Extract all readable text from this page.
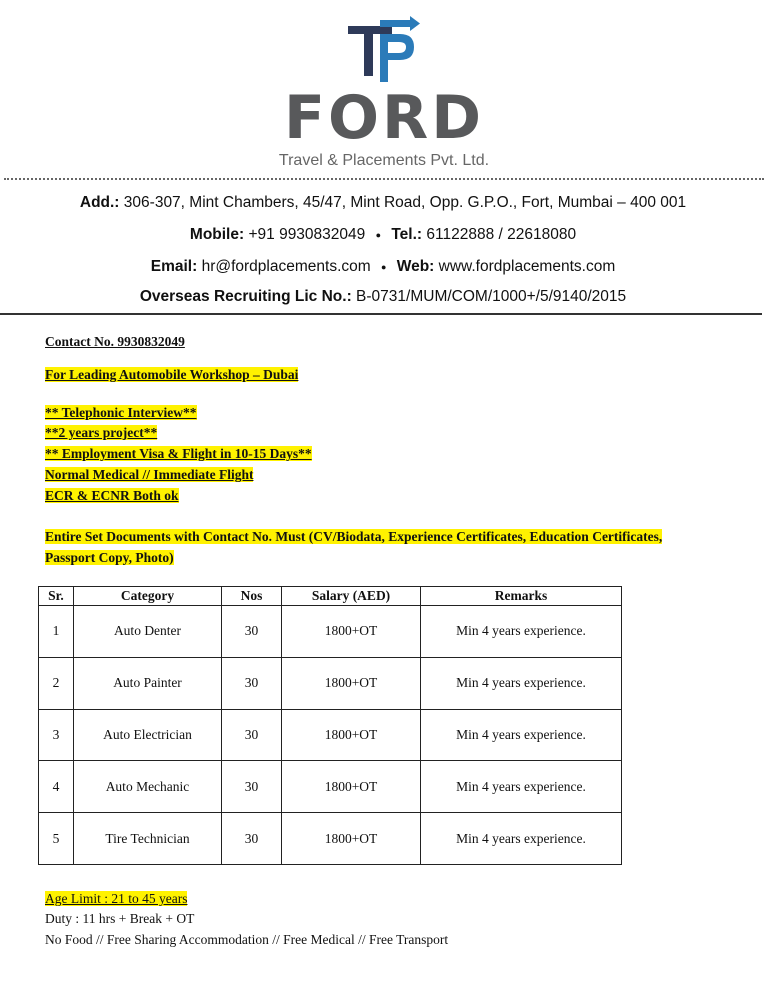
FORD
Travel & Placements Pvt. Ltd.
Add.: 306-307, Mint Chambers, 45/47, Mint Road, Opp. G.P.O., Fort, Mumbai – 400 001
Mobile: +91 9930832049 ● Tel.: 61122888 / 22618080
Email: hr@fordplacements.com ● Web: www.fordplacements.com
Overseas Recruiting Lic No.: B-0731/MUM/COM/1000+/5/9140/2015
Contact No. 9930832049
For Leading Automobile Workshop – Dubai
** Telephonic Interview**
**2 years project**
** Employment Visa & Flight in 10-15 Days**
Normal Medical // Immediate Flight
ECR & ECNR Both ok
Entire Set Documents with Contact No. Must (CV/Biodata, Experience Certificates, Education Certificates,
Passport Copy, Photo)
Sr.	Category	Nos	Salary (AED)	Remarks
1	Auto Denter	30	1800+OT	Min 4 years experience.
2	Auto Painter	30	1800+OT	Min 4 years experience.
3	Auto Electrician	30	1800+OT	Min 4 years experience.
4	Auto Mechanic	30	1800+OT	Min 4 years experience.
5	Tire Technician	30	1800+OT	Min 4 years experience.
Age Limit : 21 to 45 years
Duty : 11 hrs + Break + OT
No Food // Free Sharing Accommodation // Free Medical // Free Transport
